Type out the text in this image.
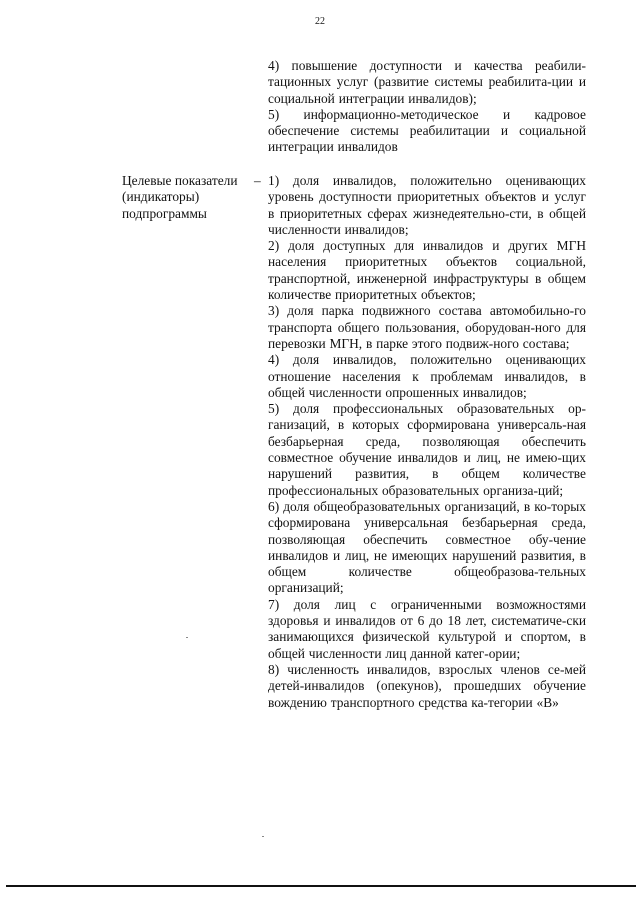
22

4) повышение доступности и качества реабили-тационных услуг (развитие системы реабилита-ции и социальной интеграции инвалидов);

5) информационно-методическое и кадровое обеспечение системы реабилитации и социальной интеграции инвалидов

Целевые показатели (индикаторы) подпрограммы
– 1) доля инвалидов, положительно оценивающих уровень доступности приоритетных объектов и услуг в приоритетных сферах жизнедеятельно-сти, в общей численности инвалидов;

2) доля доступных для инвалидов и других МГН населения приоритетных объектов социальной, транспортной, инженерной инфраструктуры в общем количестве приоритетных объектов;

3) доля парка подвижного состава автомобильно-го транспорта общего пользования, оборудован-ного для перевозки МГН, в парке этого подвиж-ного состава;

4) доля инвалидов, положительно оценивающих отношение населения к проблемам инвалидов, в общей численности опрошенных инвалидов;

5) доля профессиональных образовательных ор-ганизаций, в которых сформирована универсаль-ная безбарьерная среда, позволяющая обеспечить совместное обучение инвалидов и лиц, не имею-щих нарушений развития, в общем количестве профессиональных образовательных организа-ций;

6) доля общеобразовательных организаций, в ко-торых сформирована универсальная безбарьерная среда, позволяющая обеспечить совместное обу-чение инвалидов и лиц, не имеющих нарушений развития, в общем количестве общеобразова-тельных организаций;

7) доля лиц с ограниченными возможностями здоровья и инвалидов от 6 до 18 лет, систематиче-ски занимающихся физической культурой и спортом, в общей численности лиц данной катег-ории;

8) численность инвалидов, взрослых членов се-мей детей-инвалидов (опекунов), прошедших обучение вождению транспортного средства ка-тегории «В»
